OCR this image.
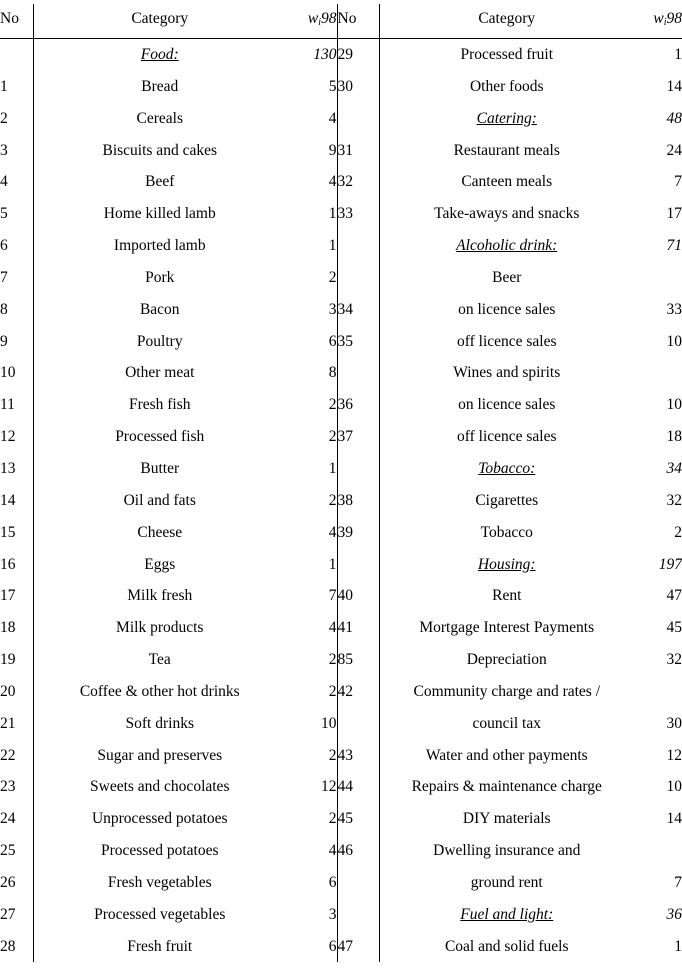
No	Category	$w_i98$	No	Category	$w_i98$
	Food:	130	29	Processed fruit	1
1	Bread	5	30	Other foods	14
2	Cereals	4		Catering:	48
3	Biscuits and cakes	9	31	Restaurant meals	24
4	Beef	4	32	Canteen meals	7
5	Home killed lamb	1	33	Take-aways and snacks	17
6	Imported lamb	1		Alcoholic drink:	71
7	Pork	2		Beer	
8	Bacon	3	34	on licence sales	33
9	Poultry	6	35	off licence sales	10
10	Other meat	8		Wines and spirits	
11	Fresh fish	2	36	on licence sales	10
12	Processed fish	2	37	off licence sales	18
13	Butter	1		Tobacco:	34
14	Oil and fats	2	38	Cigarettes	32
15	Cheese	4	39	Tobacco	2
16	Eggs	1		Housing:	197
17	Milk fresh	7	40	Rent	47
18	Milk products	4	41	Mortgage Interest Payments	45
19	Tea	2	85	Depreciation	32
20	Coffee & other hot drinks	2	42	Community charge and rates /	
21	Soft drinks	10		council tax	30
22	Sugar and preserves	2	43	Water and other payments	12
23	Sweets and chocolates	12	44	Repairs & maintenance charge	10
24	Unprocessed potatoes	2	45	DIY materials	14
25	Processed potatoes	4	46	Dwelling insurance and	
26	Fresh vegetables	6		ground rent	7
27	Processed vegetables	3		Fuel and light:	36
28	Fresh fruit	6	47	Coal and solid fuels	1
